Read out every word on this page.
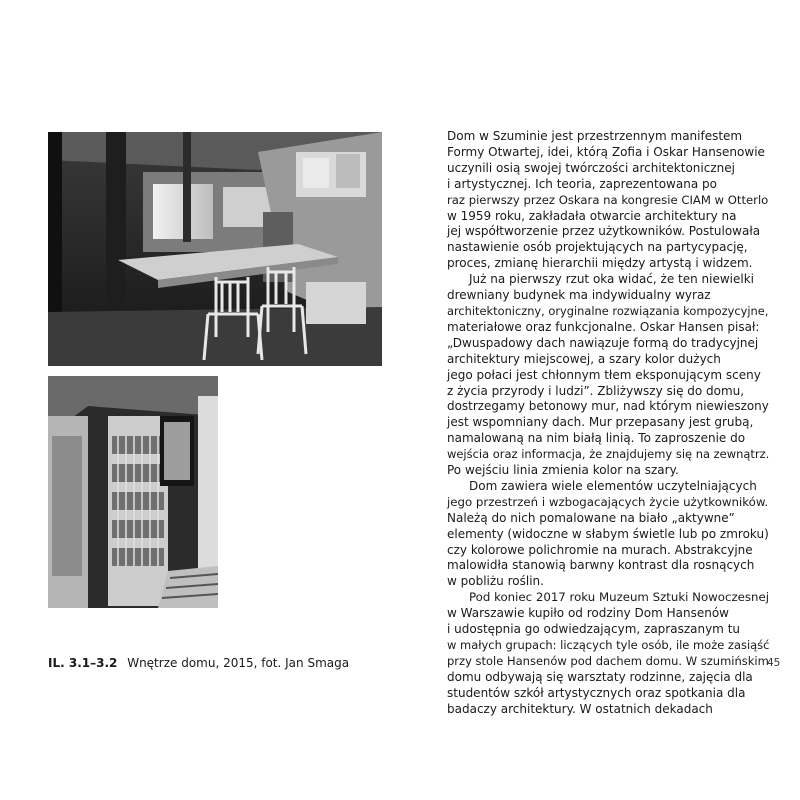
IL. 3.1–3.2 Wnętrze domu, 2015, fot. Jan Smaga
Dom w Szuminie jest przestrzennym manifestem
Formy Otwartej, idei, którą Zofia i Oskar Hansenowie
uczynili osią swojej twórczości architektonicznej
i artystycznej. Ich teoria, zaprezentowana po
raz pierwszy przez Oskara na kongresie CIAM w Otterlo
w 1959 roku, zakładała otwarcie architektury na
jej współtworzenie przez użytkowników. Postulowała
nastawienie osób projektujących na partycypację,
proces, zmianę hierarchii między artystą i widzem.
Już na pierwszy rzut oka widać, że ten niewielki
drewniany budynek ma indywidualny wyraz
architektoniczny, oryginalne rozwiązania kompozycyjne,
materiałowe oraz funkcjonalne. Oskar Hansen pisał:
„Dwuspadowy dach nawiązuje formą do tradycyjnej
architektury miejscowej, a szary kolor dużych
jego połaci jest chłonnym tłem eksponującym sceny
z życia przyrody i ludzi”. Zbliżywszy się do domu,
dostrzegamy betonowy mur, nad którym niewieszony
jest wspomniany dach. Mur przepasany jest grubą,
namalowaną na nim białą linią. To zaproszenie do
wejścia oraz informacja, że znajdujemy się na zewnątrz.
Po wejściu linia zmienia kolor na szary.
Dom zawiera wiele elementów uczytelniających
jego przestrzeń i wzbogacających życie użytkowników.
Należą do nich pomalowane na biało „aktywne”
elementy (widoczne w słabym świetle lub po zmroku)
czy kolorowe polichromie na murach. Abstrakcyjne
malowidła stanowią barwny kontrast dla rosnących
w pobliżu roślin.
Pod koniec 2017 roku Muzeum Sztuki Nowoczesnej
w Warszawie kupiło od rodziny Dom Hansenów
i udostępnia go odwiedzającym, zapraszanym tu
w małych grupach: liczących tyle osób, ile może zasiąść
przy stole Hansenów pod dachem domu. W szumińskim
domu odbywają się warsztaty rodzinne, zajęcia dla
studentów szkół artystycznych oraz spotkania dla
badaczy architektury. W ostatnich dekadach
45
